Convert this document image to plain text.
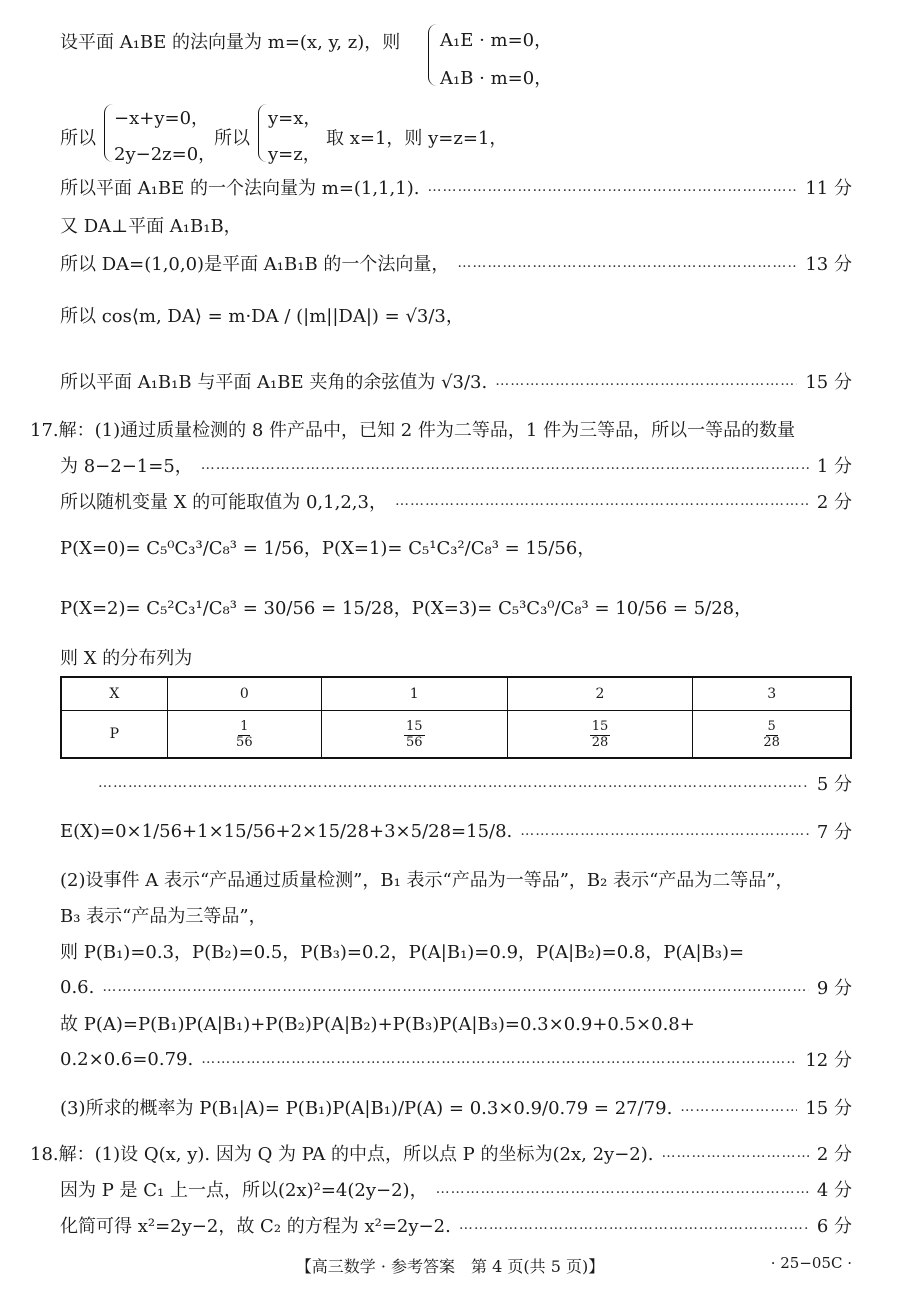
设平面 A₁BE 的法向量为 m=(x, y, z)，则 A₁E · m=0，
A₁B · m=0，
所以
−x+y=0，
2y−2z=0，
所以
y=x，
y=z，
取 x=1，则 y=z=1，
所以平面 A₁BE 的一个法向量为 m=(1,1,1). ………………………………………………………………………………………………………………………………………………………………………………………………	11 分
又 DA⊥平面 A₁B₁B，
所以 DA=(1,0,0)是平面 A₁B₁B 的一个法向量， ………………………………………………………………………………………………………………………………………………………………………………………………	13 分
所以 cos⟨m, DA⟩ = m·DA / (|m||DA|) = √3/3，
所以平面 A₁B₁B 与平面 A₁BE 夹角的余弦值为 √3/3. ………………………………………………………………………………………………………………………………………………………………………………………………	15 分
17.解：(1)通过质量检测的 8 件产品中，已知 2 件为二等品，1 件为三等品，所以一等品的数量
为 8−2−1=5， ………………………………………………………………………………………………………………………………………………………………………………………………	1 分
所以随机变量 X 的可能取值为 0,1,2,3， ………………………………………………………………………………………………………………………………………………………………………………………………	2 分
P(X=0)= C₅⁰C₃³/C₈³ = 1/56，P(X=1)= C₅¹C₃²/C₈³ = 15/56，
P(X=2)= C₅²C₃¹/C₈³ = 30/56 = 15/28，P(X=3)= C₅³C₃⁰/C₈³ = 10/56 = 5/28，
则 X 的分布列为
X	0	1	2	3
P	$\frac{1}{56}$	$\frac{15}{56}$	$\frac{15}{28}$	$\frac{5}{28}$
………………………………………………………………………………………………………………………………………………………………………………………………
5 分
E(X)=0×1/56+1×15/56+2×15/28+3×5/28=15/8. ………………………………………………………………………………………………………………………………………………………………………………………………	7 分
(2)设事件 A 表示“产品通过质量检测”，B₁ 表示“产品为一等品”，B₂ 表示“产品为二等品”，
B₃ 表示“产品为三等品”，
则 P(B₁)=0.3，P(B₂)=0.5，P(B₃)=0.2，P(A|B₁)=0.9，P(A|B₂)=0.8，P(A|B₃)=
0.6. ………………………………………………………………………………………………………………………………………………………………………………………………	9 分
故 P(A)=P(B₁)P(A|B₁)+P(B₂)P(A|B₂)+P(B₃)P(A|B₃)=0.3×0.9+0.5×0.8+
0.2×0.6=0.79. ………………………………………………………………………………………………………………………………………………………………………………………………	12 分
(3)所求的概率为 P(B₁|A)= P(B₁)P(A|B₁)/P(A) = 0.3×0.9/0.79 = 27/79. ………………………………………………………………………………………………………………………………………………………………………………………………	15 分
18.解：(1)设 Q(x, y). 因为 Q 为 PA 的中点，所以点 P 的坐标为(2x, 2y−2). ………………………………………………………………………………………………………………………………………………………………………………………………	2 分
因为 P 是 C₁ 上一点，所以(2x)²=4(2y−2)， ………………………………………………………………………………………………………………………………………………………………………………………………	4 分
化简可得 x²=2y−2，故 C₂ 的方程为 x²=2y−2. ………………………………………………………………………………………………………………………………………………………………………………………………	6 分
【高三数学 · 参考答案　第 4 页(共 5 页)】	· 25−05C ·
